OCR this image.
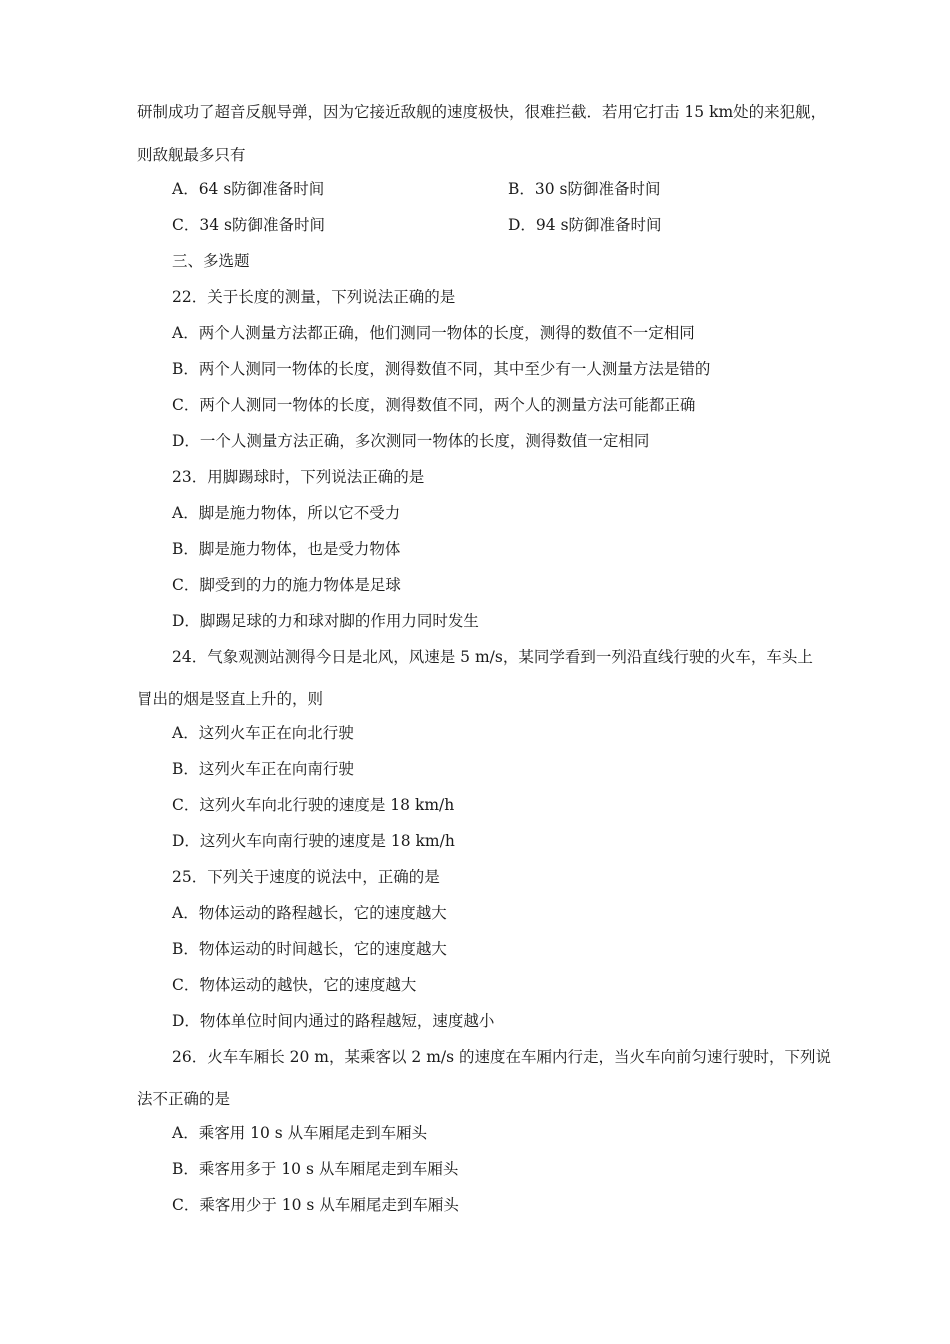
研制成功了超音反舰导弹，因为它接近敌舰的速度极快，很难拦截．若用它打击 15 km处的来犯舰，
则敌舰最多只有
A．64 s防御准备时间	B．30 s防御准备时间
C．34 s防御准备时间	D．94 s防御准备时间
三、多选题
22．关于长度的测量，下列说法正确的是
A．两个人测量方法都正确，他们测同一物体的长度，测得的数值不一定相同
B．两个人测同一物体的长度，测得数值不同，其中至少有一人测量方法是错的
C．两个人测同一物体的长度，测得数值不同，两个人的测量方法可能都正确
D．一个人测量方法正确，多次测同一物体的长度，测得数值一定相同
23．用脚踢球时，下列说法正确的是
A．脚是施力物体，所以它不受力
B．脚是施力物体，也是受力物体
C．脚受到的力的施力物体是足球
D．脚踢足球的力和球对脚的作用力同时发生
24．气象观测站测得今日是北风，风速是 5 m/s，某同学看到一列沿直线行驶的火车，车头上
冒出的烟是竖直上升的，则
A．这列火车正在向北行驶
B．这列火车正在向南行驶
C．这列火车向北行驶的速度是 18 km/h
D．这列火车向南行驶的速度是 18 km/h
25．下列关于速度的说法中，正确的是
A．物体运动的路程越长，它的速度越大
B．物体运动的时间越长，它的速度越大
C．物体运动的越快，它的速度越大
D．物体单位时间内通过的路程越短，速度越小
26．火车车厢长 20 m，某乘客以 2 m/s 的速度在车厢内行走，当火车向前匀速行驶时，下列说
法不正确的是
A．乘客用 10 s 从车厢尾走到车厢头
B．乘客用多于 10 s 从车厢尾走到车厢头
C．乘客用少于 10 s 从车厢尾走到车厢头
